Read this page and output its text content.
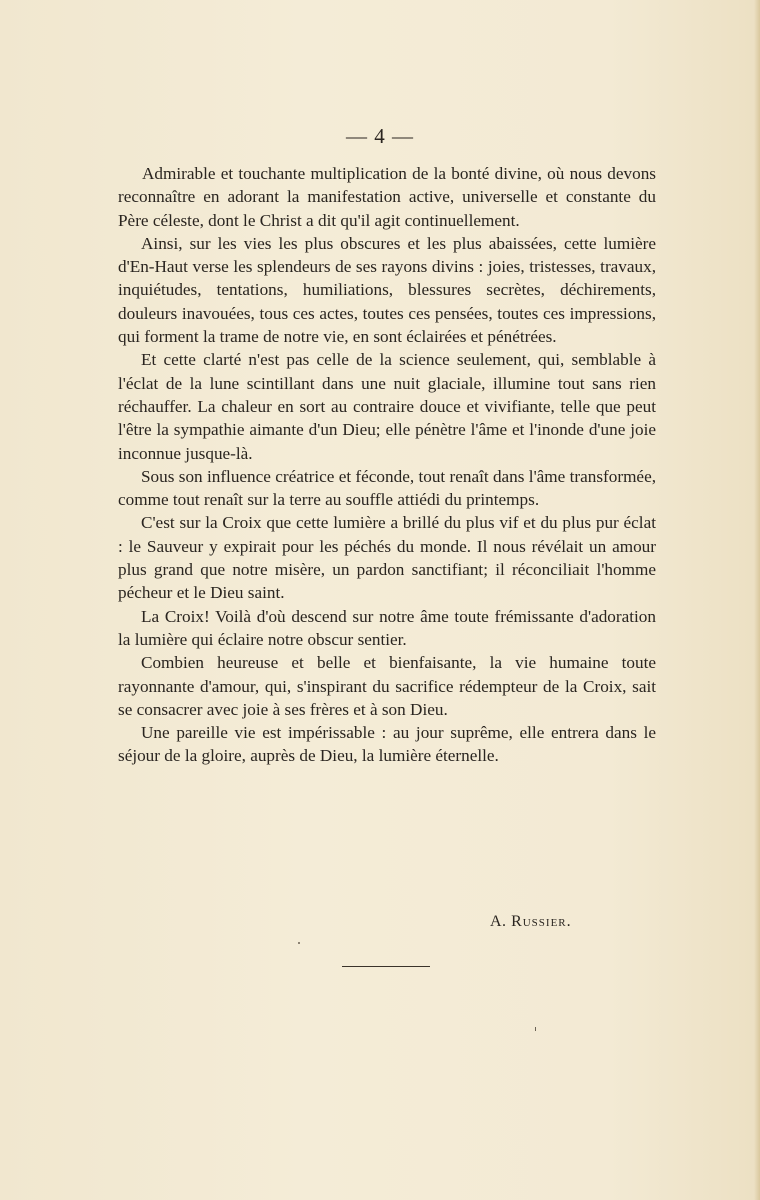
— 4 —

Admirable et touchante multiplication de la bonté divine, où nous devons reconnaître en adorant la manifestation active, universelle et constante du Père céleste, dont le Christ a dit qu'il agit continuellement.

Ainsi, sur les vies les plus obscures et les plus abaissées, cette lumière d'En-Haut verse les splendeurs de ses rayons divins : joies, tristesses, travaux, inquiétudes, tentations, humiliations, blessures secrètes, déchirements, douleurs inavouées, tous ces actes, toutes ces pensées, toutes ces impressions, qui forment la trame de notre vie, en sont éclairées et pénétrées.

Et cette clarté n'est pas celle de la science seulement, qui, semblable à l'éclat de la lune scintillant dans une nuit glaciale, illumine tout sans rien réchauffer. La chaleur en sort au contraire douce et vivifiante, telle que peut l'être la sympathie aimante d'un Dieu; elle pénètre l'âme et l'inonde d'une joie inconnue jusque-là.

Sous son influence créatrice et féconde, tout renaît dans l'âme transformée, comme tout renaît sur la terre au souffle attiédi du printemps.

C'est sur la Croix que cette lumière a brillé du plus vif et du plus pur éclat : le Sauveur y expirait pour les péchés du monde. Il nous révélait un amour plus grand que notre misère, un pardon sanctifiant; il réconciliait l'homme pécheur et le Dieu saint.

La Croix! Voilà d'où descend sur notre âme toute frémissante d'adoration la lumière qui éclaire notre obscur sentier.

Combien heureuse et belle et bienfaisante, la vie humaine toute rayonnante d'amour, qui, s'inspirant du sacrifice rédempteur de la Croix, sait se consacrer avec joie à ses frères et à son Dieu.

Une pareille vie est impérissable : au jour suprême, elle entrera dans le séjour de la gloire, auprès de Dieu, la lumière éternelle.

A. Russier.
